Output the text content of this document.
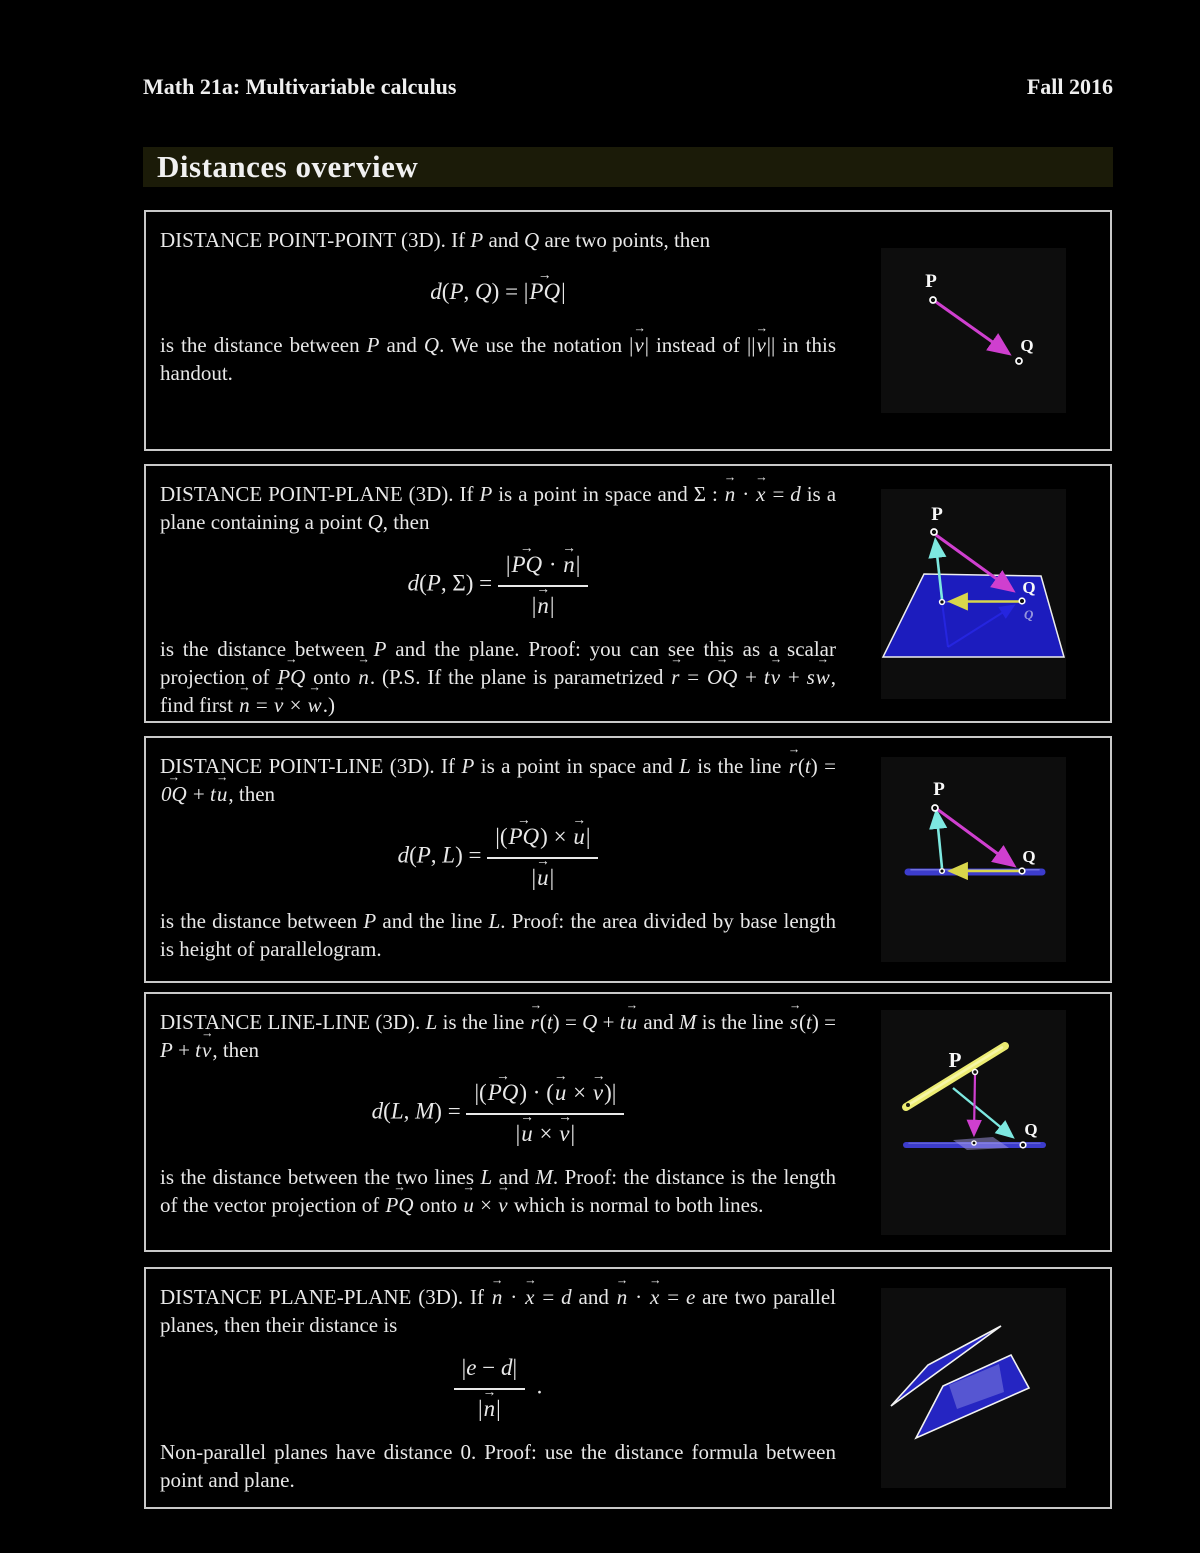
Math 21a: Multivariable calculus	Fall 2016
Distances overview

DISTANCE POINT-POINT (3D). If P and Q are two points, then

d(P, Q) = |PQ →|

is the distance between P and Q. We use the notation |v →| instead of ||v →|| in this handout.

P
Q

DISTANCE POINT-PLANE (3D). If P is a point in space and Σ : n → · x → = d is a plane containing a point Q, then

d(P, $\Sigma) = \frac{|PQ \to \cdot n \to|}{|n \to|}$

is the distance between P and the plane. Proof: you can see this as a scalar projection of PQ → onto n →. (P.S. If the plane is parametrized r → = OQ → + tv → + sw →, find first n → = v → × w →.)

Q
P
Q

DISTANCE POINT-LINE (3D). If P is a point in space and L is the line r →(t) = 0Q → + tu →, then

d(P, $L) = \frac{|(PQ \to) \times u \to|}{|u \to|}$

is the distance between P and the line L. Proof: the area divided by base length is height of parallelogram.

P
Q

DISTANCE LINE-LINE (3D). L is the line r →(t) = Q + tu → and M is the line s →(t) = P + tv →, then

d(L, $M) = \frac{|(PQ \to) \cdot (u \to \times v \to)|}{|u \to \times v \to|}$

is the distance between the two lines L and M. Proof: the distance is the length of the vector projection of PQ → onto u → × v → which is normal to both lines.

P
Q

DISTANCE PLANE-PLANE (3D). If n → · x → = d and n → · x → = e are two parallel planes, then their distance is

$\frac{|e - d|}{|n \to|}$ .

Non-parallel planes have distance 0. Proof: use the distance formula between point and plane.
